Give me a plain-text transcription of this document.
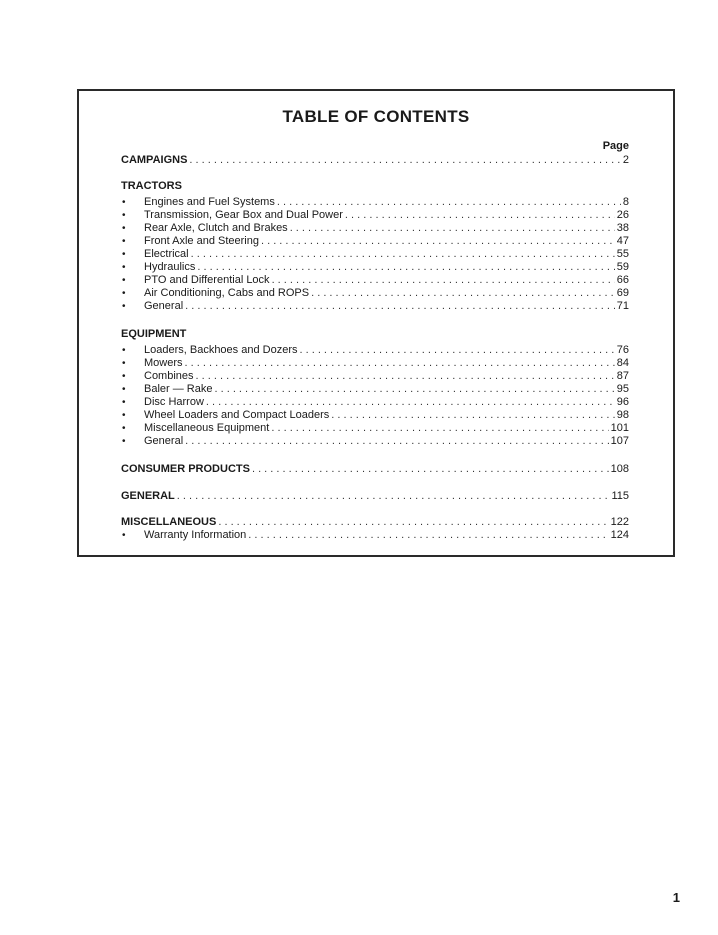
TABLE OF CONTENTS
Page
CAMPAIGNS . . .	2
TRACTORS
•	Engines and Fuel Systems . . .	8
•	Transmission, Gear Box and Dual Power . . .	26
•	Rear Axle, Clutch and Brakes . . .	38
•	Front Axle and Steering . . .	47
•	Electrical . . .	55
•	Hydraulics . . .	59
•	PTO and Differential Lock . . .	66
•	Air Conditioning, Cabs and ROPS . . .	69
•	General . . .	71
EQUIPMENT
•	Loaders, Backhoes and Dozers . . .	76
•	Mowers . . .	84
•	Combines . . .	87
•	Baler — Rake . . .	95
•	Disc Harrow . . .	96
•	Wheel Loaders and Compact Loaders . . .	98
•	Miscellaneous Equipment . . .	101
•	General . . .	107
CONSUMER PRODUCTS . . .	108
GENERAL . . .	115
MISCELLANEOUS . . .	122
•	Warranty Information . . .	124
1
